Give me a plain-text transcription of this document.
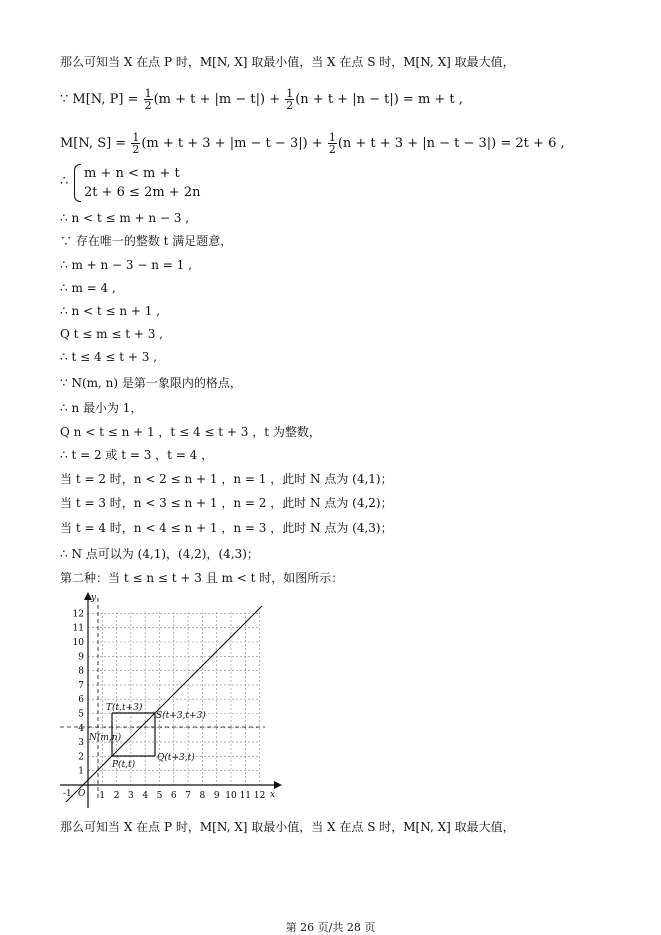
那么可知当 X 在点 P 时，M[N, X] 取最小值，当 X 在点 S 时，M[N, X] 取最大值，
∵ M[N, $P] = \frac{1}{2} (m + t + |m - t|) + \frac{1}{2} (n + t + |n - t|) = m + t$ ,
M[N, $S] = \frac{1}{2} (m + t + 3 + |m - t - 3|) + \frac{1}{2} (n + t + 3 + |n - t - 3|) = 2t + 6$ ,
∴
m + n < m + t
2t + 6 ≤ 2m + 2n
∴ n < t ≤ m + n − 3 ,
∵ 存在唯一的整数 t 满足题意，
∴ m + n − 3 − n = 1 ,
∴ m = 4 ,
∴ n < t ≤ n + 1 ,
Q t ≤ m ≤ t + 3 ,
∴ t ≤ 4 ≤ t + 3 ,
∵ N(m, n) 是第一象限内的格点，
∴ n 最小为 1，
Q n < t ≤ n + 1 ，t ≤ 4 ≤ t + 3 ，t 为整数，
∴ t = 2 或 t = 3 ，t = 4 ，
当 t = 2 时，n < 2 ≤ n + 1 ，n = 1 ，此时 N 点为 (4,1)；
当 t = 3 时，n < 3 ≤ n + 1 ，n = 2 ，此时 N 点为 (4,2)；
当 t = 4 时，n < 4 ≤ n + 1 ，n = 3 ，此时 N 点为 (4,3)；
∴ N 点可以为 (4,1)，(4,2)，(4,3)；
第二种：当 t ≤ n ≤ t + 3 且 m < t 时，如图所示：
T(t,t+3)
S(t+3,t+3)
N(m,n)
P(t,t)
Q(t+3,t)
x
y
O
-1	1 2 3 4 5 6 7 8 9 10 11 12
1
2
3
4
5
6
7
8
9
10
11
12
那么可知当 X 在点 P 时，M[N, X] 取最小值，当 X 在点 S 时，M[N, X] 取最大值，
第 26 页/共 28 页
